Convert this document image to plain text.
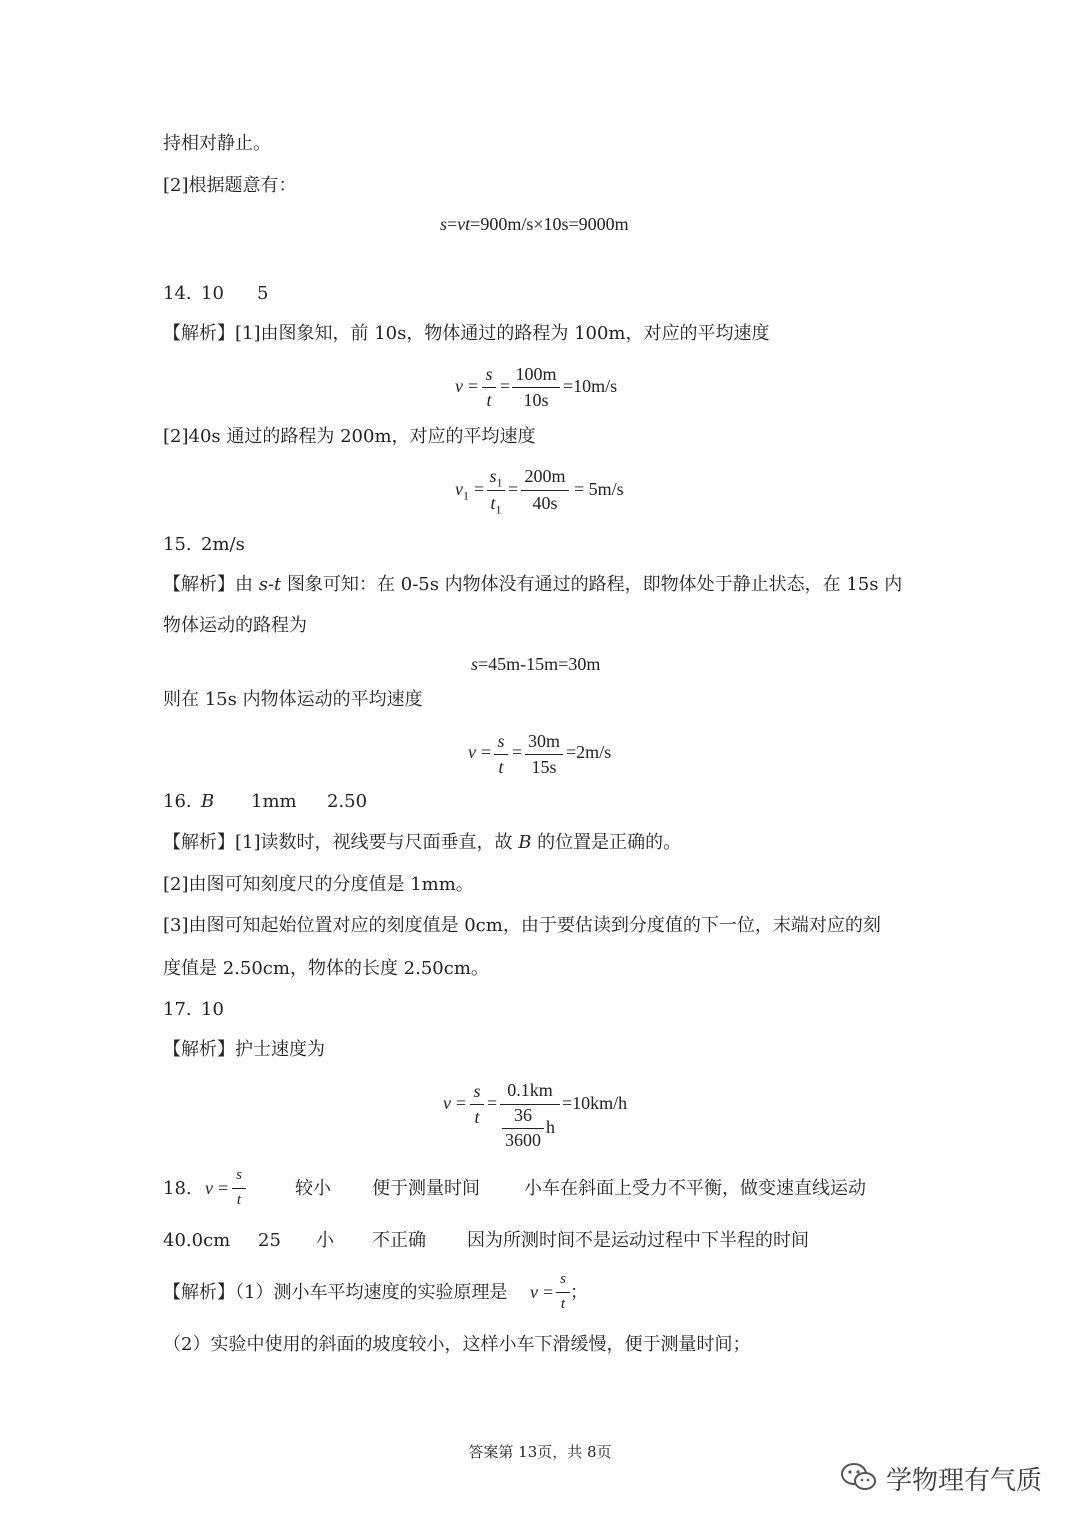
持相对静止。
[2]根据题意有：
s=vt=900m/s×10s=9000m
14. 10 5
【解析】[1]由图象知，前 10s，物体通过的路程为 100m，对应的平均速度
v =
s
t
=
100m
10s
=10m/s
[2]40s 通过的路程为 200m，对应的平均速度
$v_1$ =
$s_1$
$t_1$
=
200m
40s
= 5m/s
15. 2m/s
【解析】由 s-t 图象可知：在 0-5s 内物体没有通过的路程，即物体处于静止状态，在 15s 内
物体运动的路程为
s=45m-15m=30m
则在 15s 内物体运动的平均速度
v =
s
t
=
30m
15s
=2m/s
16. B 1mm 2.50
【解析】[1]读数时，视线要与尺面垂直，故 B 的位置是正确的。
[2]由图可知刻度尺的分度值是 1mm。
[3]由图可知起始位置对应的刻度值是 0cm，由于要估读到分度值的下一位，末端对应的刻
度值是 2.50cm，物体的长度 2.50cm。
17. 10
【解析】护士速度为
v =
s
t
=
0.1km
36
3600
h
=10km/h
18. v =
s
t
较小 便于测量时间 小车在斜面上受力不平衡，做变速直线运动
40.0cm 25 小 不正确 因为所测时间不是运动过程中下半程的时间
【解析】（1）测小车平均速度的实验原理是 v =
s
t
；
（2）实验中使用的斜面的坡度较小，这样小车下滑缓慢，便于测量时间；
答案第 13页，共 8页
学物理有气质
